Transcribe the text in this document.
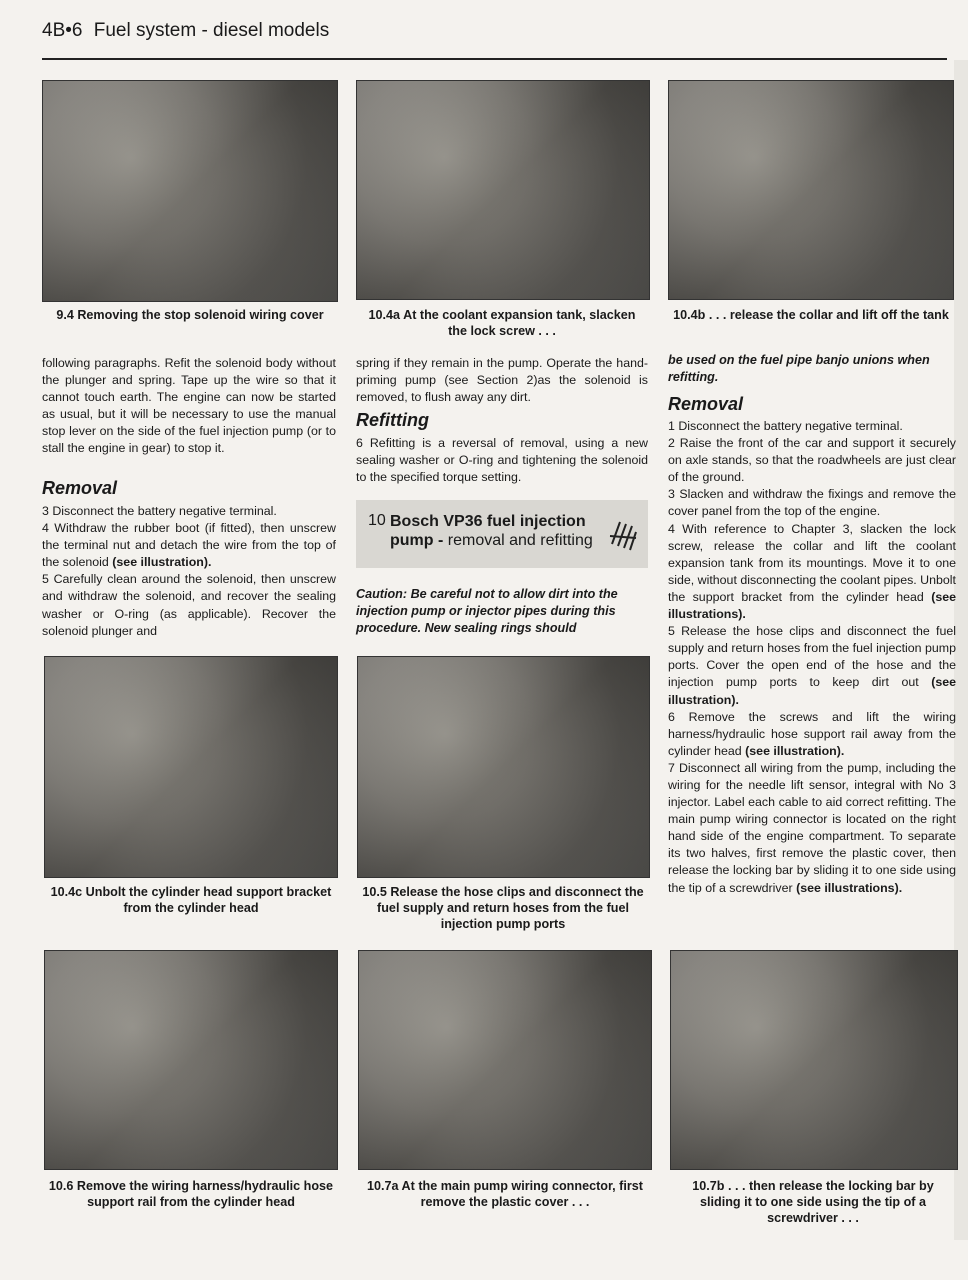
4B•6 Fuel system - diesel models
9.4 Removing the stop solenoid wiring cover	10.4a At the coolant expansion tank, slacken the lock screw . . .
10.4b . . . release the collar and lift off the tank
following paragraphs. Refit the solenoid body without the plunger and spring. Tape up the wire so that it cannot touch earth. The engine can now be started as usual, but it will be necessary to use the manual stop lever on the side of the fuel injection pump (or to stall the engine in gear) to stop it.
Removal

3 Disconnect the battery negative terminal.

4 Withdraw the rubber boot (if fitted), then unscrew the terminal nut and detach the wire from the top of the solenoid (see illustration).

5 Carefully clean around the solenoid, then unscrew and withdraw the solenoid, and recover the sealing washer or O-ring (as applicable). Recover the solenoid plunger and

spring if they remain in the pump. Operate the hand-priming pump (see Section 2)as the solenoid is removed, to flush away any dirt.
Refitting
6 Refitting is a reversal of removal, using a new sealing washer or O-ring and tightening the solenoid to the specified torque setting.
10 Bosch VP36 fuel injection pump - removal and refitting
Caution: Be careful not to allow dirt into the injection pump or injector pipes during this procedure. New sealing rings should
be used on the fuel pipe banjo unions when refitting.
Removal

1 Disconnect the battery negative terminal.

2 Raise the front of the car and support it securely on axle stands, so that the roadwheels are just clear of the ground.

3 Slacken and withdraw the fixings and remove the cover panel from the top of the engine.

4 With reference to Chapter 3, slacken the lock screw, release the collar and lift the coolant expansion tank from its mountings. Move it to one side, without disconnecting the coolant pipes. Unbolt the support bracket from the cylinder head (see illustrations).

5 Release the hose clips and disconnect the fuel supply and return hoses from the fuel injection pump ports. Cover the open end of the hose and the injection pump ports to keep dirt out (see illustration).

6 Remove the screws and lift the wiring harness/hydraulic hose support rail away from the cylinder head (see illustration).

7 Disconnect all wiring from the pump, including the wiring for the needle lift sensor, integral with No 3 injector. Label each cable to aid correct refitting. The main pump wiring connector is located on the right hand side of the engine compartment. To separate its two halves, first remove the plastic cover, then release the locking bar by sliding it to one side using the tip of a screwdriver (see illustrations).

10.4c Unbolt the cylinder head support bracket from the cylinder head
10.5 Release the hose clips and disconnect the fuel supply and return hoses from the fuel injection pump ports
10.6 Remove the wiring harness/hydraulic hose support rail from the cylinder head
10.7a At the main pump wiring connector, first remove the plastic cover . . .
10.7b . . . then release the locking bar by sliding it to one side using the tip of a screwdriver . . .
